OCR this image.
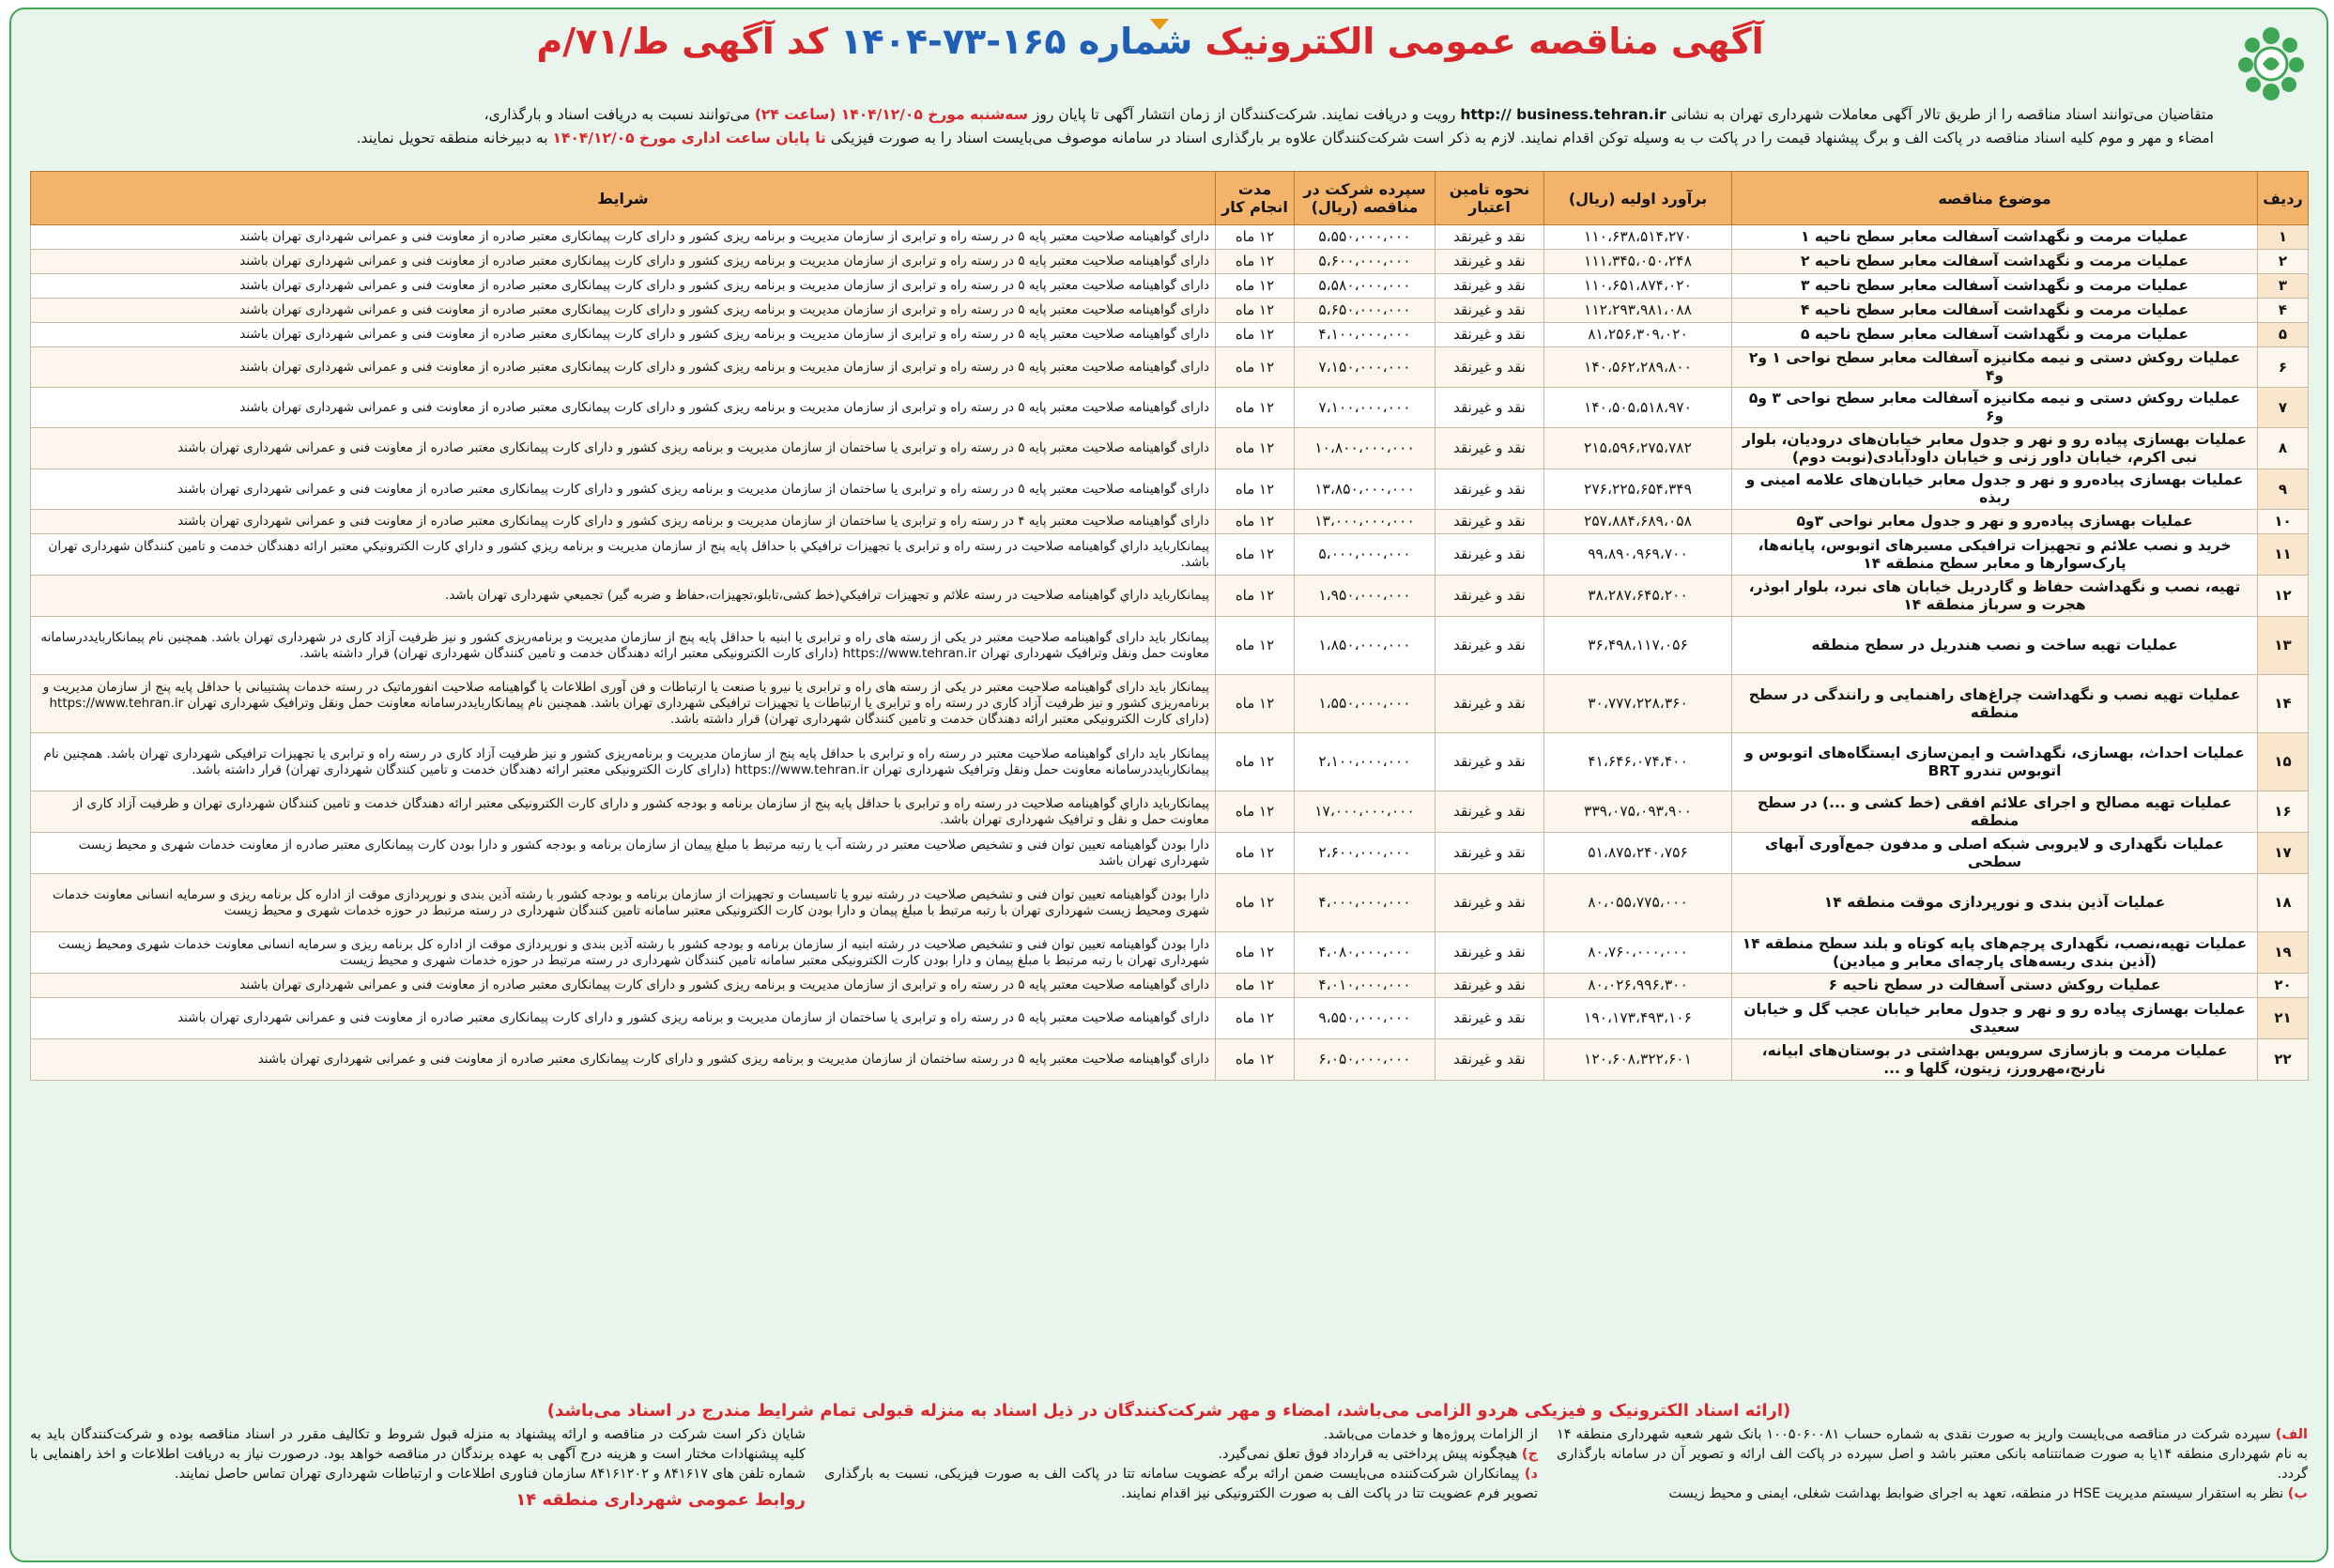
آگهی مناقصه عمومی الکترونیک شماره ۱۶۵-۷۳-۱۴۰۴ کد آگهی ط/۷۱/م

متقاضیان می‌توانند اسناد مناقصه را از طریق تالار آگهی معاملات شهرداری تهران به نشانی http:// business.tehran.ir رویت و دریافت نمایند. شرکت‌کنندگان از زمان انتشار آگهی تا پایان روز سه‌شنبه مورخ ۱۴۰۴/۱۲/۰۵ (ساعت ۲۴) می‌توانند نسبت به دریافت اسناد و بارگذاری،

امضاء و مهر و موم کلیه اسناد مناقصه در پاکت الف و برگ پیشنهاد قیمت را در پاکت ب به وسیله توکن اقدام نمایند. لازم به ذکر است شرکت‌کنندگان علاوه بر بارگذاری اسناد در سامانه موصوف می‌بایست اسناد را به صورت فیزیکی تا پایان ساعت اداری مورخ ۱۴۰۴/۱۲/۰۵ به دبیرخانه منطقه تحویل نمایند.

ردیف	موضوع مناقصه	برآورد اولیه (ریال)	نحوه تامین اعتبار	سپرده شرکت در مناقصه (ریال)	مدت انجام کار	شرایط
۱	عملیات مرمت و نگهداشت آسفالت معابر سطح ناحیه ۱	۱۱۰،۶۳۸،۵۱۴،۲۷۰	نقد و غیرنقد	۵،۵۵۰،۰۰۰،۰۰۰	۱۲ ماه	دارای گواهینامه صلاحیت معتبر پایه ۵ در رسته راه و ترابری از سازمان مدیریت و برنامه ریزی کشور و دارای کارت پیمانکاری معتبر صادره از معاونت فنی و عمرانی شهرداری تهران باشند
۲	عملیات مرمت و نگهداشت آسفالت معابر سطح ناحیه ۲	۱۱۱،۳۴۵،۰۵۰،۲۴۸	نقد و غیرنقد	۵،۶۰۰،۰۰۰،۰۰۰	۱۲ ماه	دارای گواهینامه صلاحیت معتبر پایه ۵ در رسته راه و ترابری از سازمان مدیریت و برنامه ریزی کشور و دارای کارت پیمانکاری معتبر صادره از معاونت فنی و عمرانی شهرداری تهران باشند
۳	عملیات مرمت و نگهداشت آسفالت معابر سطح ناحیه ۳	۱۱۰،۶۵۱،۸۷۴،۰۲۰	نقد و غیرنقد	۵،۵۸۰،۰۰۰،۰۰۰	۱۲ ماه	دارای گواهینامه صلاحیت معتبر پایه ۵ در رسته راه و ترابری از سازمان مدیریت و برنامه ریزی کشور و دارای کارت پیمانکاری معتبر صادره از معاونت فنی و عمرانی شهرداری تهران باشند
۴	عملیات مرمت و نگهداشت آسفالت معابر سطح ناحیه ۴	۱۱۲،۲۹۳،۹۸۱،۰۸۸	نقد و غیرنقد	۵،۶۵۰،۰۰۰،۰۰۰	۱۲ ماه	دارای گواهینامه صلاحیت معتبر پایه ۵ در رسته راه و ترابری از سازمان مدیریت و برنامه ریزی کشور و دارای کارت پیمانکاری معتبر صادره از معاونت فنی و عمرانی شهرداری تهران باشند
۵	عملیات مرمت و نگهداشت آسفالت معابر سطح ناحیه ۵	۸۱،۲۵۶،۳۰۹،۰۲۰	نقد و غیرنقد	۴،۱۰۰،۰۰۰،۰۰۰	۱۲ ماه	دارای گواهینامه صلاحیت معتبر پایه ۵ در رسته راه و ترابری از سازمان مدیریت و برنامه ریزی کشور و دارای کارت پیمانکاری معتبر صادره از معاونت فنی و عمرانی شهرداری تهران باشند
۶	عملیات روکش دستی و نیمه مکانیزه آسفالت معابر سطح نواحی ۱ و۲ و۴	۱۴۰،۵۶۲،۲۸۹،۸۰۰	نقد و غیرنقد	۷،۱۵۰،۰۰۰،۰۰۰	۱۲ ماه	دارای گواهینامه صلاحیت معتبر پایه ۵ در رسته راه و ترابری از سازمان مدیریت و برنامه ریزی کشور و دارای کارت پیمانکاری معتبر صادره از معاونت فنی و عمرانی شهرداری تهران باشند
۷	عملیات روکش دستی و نیمه مکانیزه آسفالت معابر سطح نواحی ۳ و۵ و۶	۱۴۰،۵۰۵،۵۱۸،۹۷۰	نقد و غیرنقد	۷،۱۰۰،۰۰۰،۰۰۰	۱۲ ماه	دارای گواهینامه صلاحیت معتبر پایه ۵ در رسته راه و ترابری از سازمان مدیریت و برنامه ریزی کشور و دارای کارت پیمانکاری معتبر صادره از معاونت فنی و عمرانی شهرداری تهران باشند
۸	عملیات بهسازی پیاده رو و نهر و جدول معابر خیابان‌های دروديان، بلوار نبی اکرم، خیابان داور زنی و خیابان داودآبادی(نوبت دوم)	۲۱۵،۵۹۶،۲۷۵،۷۸۲	نقد و غیرنقد	۱۰،۸۰۰،۰۰۰،۰۰۰	۱۲ ماه	دارای گواهینامه صلاحیت معتبر پایه ۵ در رسته راه و ترابری یا ساختمان از سازمان مدیریت و برنامه ریزی کشور و دارای کارت پیمانکاری معتبر صادره از معاونت فنی و عمرانی شهرداری تهران باشند
۹	عملیات بهسازی پیاده‌رو و نهر و جدول معابر خیابان‌های علامه امینی و ربذه	۲۷۶،۲۲۵،۶۵۴،۳۴۹	نقد و غیرنقد	۱۳،۸۵۰،۰۰۰،۰۰۰	۱۲ ماه	دارای گواهینامه صلاحیت معتبر پایه ۵ در رسته راه و ترابری یا ساختمان از سازمان مدیریت و برنامه ریزی کشور و دارای کارت پیمانکاری معتبر صادره از معاونت فنی و عمرانی شهرداری تهران باشند
۱۰	عملیات بهسازی پیاده‌رو و نهر و جدول معابر نواحی ۳و۵	۲۵۷،۸۸۴،۶۸۹،۰۵۸	نقد و غیرنقد	۱۳،۰۰۰،۰۰۰،۰۰۰	۱۲ ماه	دارای گواهینامه صلاحیت معتبر پایه ۴ در رسته راه و ترابری یا ساختمان از سازمان مدیریت و برنامه ریزی کشور و دارای کارت پیمانکاری معتبر صادره از معاونت فنی و عمرانی شهرداری تهران باشند
۱۱	خرید و نصب علائم و تجهیزات ترافیکی مسیرهای اتوبوس، پایانه‌ها، پارک‌سوارها و معابر سطح منطقه ۱۴	۹۹،۸۹۰،۹۶۹،۷۰۰	نقد و غیرنقد	۵،۰۰۰،۰۰۰،۰۰۰	۱۲ ماه	پیمانکاربايد داراي گواهينامه صلاحيت در رسته راه و ترابری يا تجهيزات ترافيكي با حداقل پايه پنج از سازمان مديريت و برنامه ريزي كشور و داراي كارت الكترونيكي معتبر ارائه دهندگان خدمت و تامين كنندگان شهرداری تهران باشد.
۱۲	تهیه، نصب و نگهداشت حفاظ و گاردریل خیابان های نبرد، بلوار ابوذر، هجرت و سرباز منطقه ۱۴	۳۸،۲۸۷،۶۴۵،۲۰۰	نقد و غیرنقد	۱،۹۵۰،۰۰۰،۰۰۰	۱۲ ماه	پیمانکاربايد داراي گواهينامه صلاحيت در رسته علائم و تجهيزات ترافيكي(خط كشی،تابلو،تجهيزات،حفاظ و ضربه گير) تجميعي شهرداری تهران باشد.
۱۳	عملیات تهیه ساخت و نصب هندریل در سطح منطقه	۳۶،۴۹۸،۱۱۷،۰۵۶	نقد و غیرنقد	۱،۸۵۰،۰۰۰،۰۰۰	۱۲ ماه	پیمانکار باید دارای گواهینامه صلاحیت معتبر در یکی از رسته های راه و ترابری یا ابنیه با حداقل پایه پنج از سازمان مدیریت و برنامه‌ریزی کشور و نیز ظرفیت آزاد کاری در شهرداری تهران باشد. همچنین نام پیمانکاربایددرسامانه معاونت حمل ونقل وترافیک شهرداری تهران https://www.tehran.ir (دارای کارت الکترونیکی معتبر ارائه دهندگان خدمت و تامین کنندگان شهرداری تهران) قرار داشته باشد.
۱۴	عملیات تهیه نصب و نگهداشت چراغ‌های راهنمایی و رانندگی در سطح منطقه	۳۰،۷۷۷،۲۲۸،۳۶۰	نقد و غیرنقد	۱،۵۵۰،۰۰۰،۰۰۰	۱۲ ماه	پیمانکار باید دارای گواهینامه صلاحیت معتبر در یکی از رسته های راه و ترابری یا نیرو یا صنعت یا ارتباطات و فن آوری اطلاعات یا گواهینامه صلاحیت انفورماتیک در رسته خدمات پشتیبانی با حداقل پایه پنج از سازمان مدیریت و برنامه‌ریزی کشور و نیز ظرفیت آزاد کاری در رسته راه و ترابری یا ارتباطات یا تجهیزات ترافیکی شهرداری تهران باشد. همچنین نام پیمانکاربایددرسامانه معاونت حمل ونقل وترافیک شهرداری تهران https://www.tehran.ir (دارای کارت الکترونیکی معتبر ارائه دهندگان خدمت و تامین کنندگان شهرداری تهران) قرار داشته باشد.
۱۵	عملیات احداث، بهسازی، نگهداشت و ایمن‌سازی ایستگاه‌های اتوبوس و اتوبوس تندرو BRT	۴۱،۶۴۶،۰۷۴،۴۰۰	نقد و غیرنقد	۲،۱۰۰،۰۰۰،۰۰۰	۱۲ ماه	پیمانکار باید دارای گواهینامه صلاحیت معتبر در رسته راه و ترابری با حداقل پایه پنج از سازمان مدیریت و برنامه‌ریزی کشور و نیز ظرفیت آزاد کاری در رسته راه و ترابری یا تجهیزات ترافیکی شهرداری تهران باشد. همچنین نام پیمانکاربایددرسامانه معاونت حمل ونقل وترافیک شهرداری تهران https://www.tehran.ir (دارای کارت الکترونیکی معتبر ارائه دهندگان خدمت و تامین کنندگان شهرداری تهران) قرار داشته باشد.
۱۶	عملیات تهیه مصالح و اجرای علائم افقی (خط کشی و ...) در سطح منطقه	۳۳۹،۰۷۵،۰۹۳،۹۰۰	نقد و غیرنقد	۱۷،۰۰۰،۰۰۰،۰۰۰	۱۲ ماه	پیمانکاربايد داراي گواهينامه صلاحيت در رسته راه و ترابری با حداقل پایه پنج از سازمان برنامه و بودجه کشور و دارای کارت الکترونیکی معتبر ارائه دهندگان خدمت و تامین کنندگان شهرداری تهران و ظرفیت آزاد کاری از معاونت حمل و نقل و ترافیک شهرداری تهران باشد.
۱۷	عملیات نگهداری و لایروبی شبکه اصلی و مدفون جمع‌آوری آبهای سطحی	۵۱،۸۷۵،۲۴۰،۷۵۶	نقد و غیرنقد	۲،۶۰۰،۰۰۰،۰۰۰	۱۲ ماه	دارا بودن گواهینامه تعیین توان فنی و تشخیص صلاحیت معتبر در رشته آب یا رتبه مرتبط با مبلغ پیمان از سازمان برنامه و بودجه کشور و دارا بودن کارت پیمانکاری معتبر صادره از معاونت خدمات شهری و محیط زیست شهرداری تهران باشد
۱۸	عملیات آذین بندی و نورپردازی موقت منطقه ۱۴	۸۰،۰۵۵،۷۷۵،۰۰۰	نقد و غیرنقد	۴،۰۰۰،۰۰۰،۰۰۰	۱۲ ماه	دارا بودن گواهینامه تعیین توان فنی و تشخیص صلاحیت در رشته نیرو یا تاسیسات و تجهیزات از سازمان برنامه و بودجه کشور با رشته آذین بندی و نورپردازی موقت از اداره کل برنامه ریزی و سرمایه انسانی معاونت خدمات شهری ومحیط زیست شهرداری تهران با رتبه مرتبط با مبلغ پیمان و دارا بودن کارت الکترونیکی معتبر سامانه تامین کنندگان شهرداری در رسته مرتبط در حوزه خدمات شهری و محیط زیست
۱۹	عملیات تهیه،نصب، نگهداری پرچم‌های پایه کوتاه و بلند سطح منطقه ۱۴ (آذین بندی ریسه‌های پارچه‌ای معابر و میادین)	۸۰،۷۶۰،۰۰۰،۰۰۰	نقد و غیرنقد	۴،۰۸۰،۰۰۰،۰۰۰	۱۲ ماه	دارا بودن گواهینامه تعیین توان فنی و تشخیص صلاحیت در رشته ابنیه از سازمان برنامه و بودجه کشور با رشته آذین بندی و نورپردازی موقت از اداره کل برنامه ریزی و سرمایه انسانی معاونت خدمات شهری ومحیط زیست شهرداری تهران با رتبه مرتبط با مبلغ پیمان و دارا بودن کارت الکترونیکی معتبر سامانه تامین کنندگان شهرداری در رسته مرتبط در حوزه خدمات شهری و محیط زیست
۲۰	عملیات روکش دستی آسفالت در سطح ناحیه ۶	۸۰،۰۲۶،۹۹۶،۳۰۰	نقد و غیرنقد	۴،۰۱۰،۰۰۰،۰۰۰	۱۲ ماه	دارای گواهینامه صلاحیت معتبر پایه ۵ در رسته راه و ترابری از سازمان مدیریت و برنامه ریزی کشور و دارای کارت پیمانکاری معتبر صادره از معاونت فنی و عمرانی شهرداری تهران باشند
۲۱	عملیات بهسازی پیاده رو و نهر و جدول معابر خیابان عجب گل و خیابان سعیدی	۱۹۰،۱۷۳،۴۹۳،۱۰۶	نقد و غیرنقد	۹،۵۵۰،۰۰۰،۰۰۰	۱۲ ماه	دارای گواهینامه صلاحیت معتبر پایه ۵ در رسته راه و ترابری یا ساختمان از سازمان مدیریت و برنامه ریزی کشور و دارای کارت پیمانکاری معتبر صادره از معاونت فنی و عمرانی شهرداری تهران باشند
۲۲	عملیات مرمت و بازسازی سرویس بهداشتی در بوستان‌های ابیانه، نارنج،مهرورز، زیتون، گلها و ...	۱۲۰،۶۰۸،۳۲۲،۶۰۱	نقد و غیرنقد	۶،۰۵۰،۰۰۰،۰۰۰	۱۲ ماه	دارای گواهینامه صلاحیت معتبر پایه ۵ در رسته ساختمان از سازمان مدیریت و برنامه ریزی کشور و دارای کارت پیمانکاری معتبر صادره از معاونت فنی و عمرانی شهرداری تهران باشند
(ارائه اسناد الکترونیک و فیزیکی هردو الزامی می‌باشد، امضاء و مهر شرکت‌کنندگان در ذیل اسناد به منزله قبولی تمام شرایط مندرج در اسناد می‌باشد)

الف) سپرده شرکت در مناقصه می‌بایست واریز به صورت نقدی به شماره حساب ۱۰۰۵۰۶۰۰۸۱ بانک شهر شعبه شهرداری منطقه ۱۴ به نام شهرداری منطقه ۱۴یا به صورت ضمانتنامه بانکی معتبر باشد و اصل سپرده در پاکت الف ارائه و تصویر آن در سامانه بارگذاری گردد.

ب) نظر به استقرار سیستم مدیریت HSE در منطقه، تعهد به اجرای ضوابط بهداشت شغلی، ایمنی و محیط زیست

از الزامات پروژه‌ها و خدمات می‌باشد.

ج) هیچگونه پیش پرداختی به قرارداد فوق تعلق نمی‌گیرد.

د) پیمانکاران شرکت‌کننده می‌بایست ضمن ارائه برگه عضویت سامانه تتا در پاکت الف به صورت فیزیکی، نسبت به بارگذاری تصویر فرم عضویت تتا در پاکت الف به صورت الکترونیکی نیز اقدام نمایند.

شایان ذکر است شرکت در مناقصه و ارائه پیشنهاد به منزله قبول شروط و تکالیف مقرر در اسناد مناقصه بوده و شرکت‌کنندگان باید به کلیه پیشنهادات مختار است و هزینه درج آگهی به عهده برندگان در مناقصه خواهد بود. درصورت نیاز به دریافت اطلاعات و اخذ راهنمایی با شماره تلفن های ۸۴۱۶۱۷ و ۸۴۱۶۱۲۰۲ سازمان فناوری اطلاعات و ارتباطات شهرداری تهران تماس حاصل نمایند.

روابط عمومی شهرداری منطقه ۱۴
